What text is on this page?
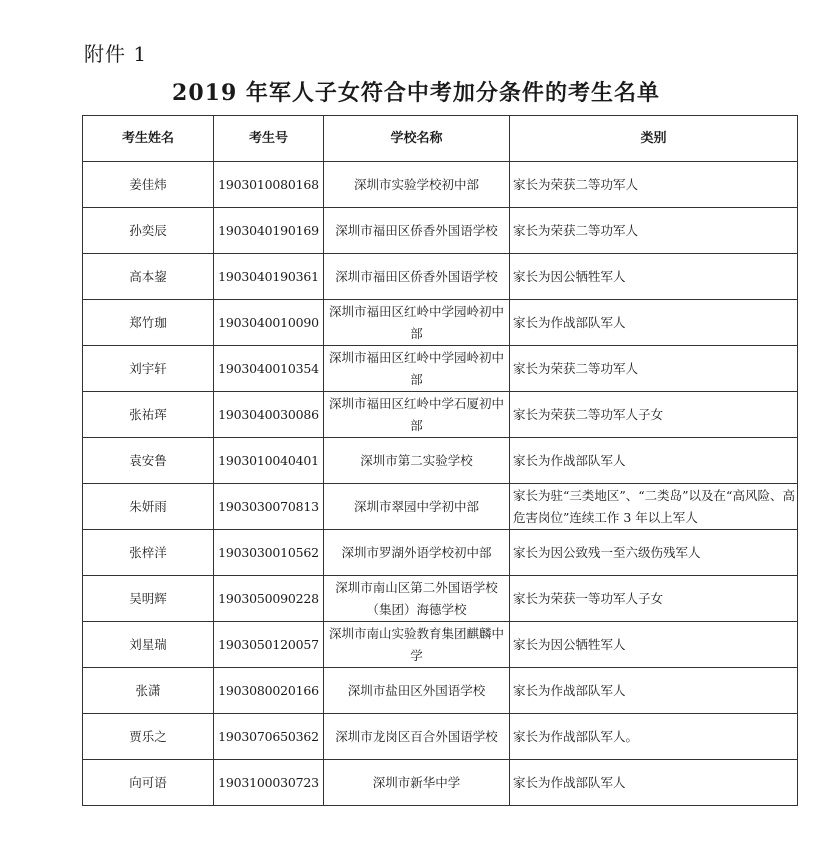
附件 1
2019 年军人子女符合中考加分条件的考生名单
考生姓名	考生号	学校名称	类别
姜佳炜	1903010080168	深圳市实验学校初中部	家长为荣获二等功军人
孙奕辰	1903040190169	深圳市福田区侨香外国语学校	家长为荣获二等功军人
高本鋆	1903040190361	深圳市福田区侨香外国语学校	家长为因公牺牲军人
郑竹珈	1903040010090	深圳市福田区红岭中学园岭初中部	家长为作战部队军人
刘宇轩	1903040010354	深圳市福田区红岭中学园岭初中部	家长为荣获二等功军人
张祐珲	1903040030086	深圳市福田区红岭中学石厦初中部	家长为荣获二等功军人子女
袁安鲁	1903010040401	深圳市第二实验学校	家长为作战部队军人
朱妍雨	1903030070813	深圳市翠园中学初中部	家长为驻“三类地区”、“二类岛”以及在“高风险、高危害岗位”连续工作 3 年以上军人
张梓洋	1903030010562	深圳市罗湖外语学校初中部	家长为因公致残一至六级伤残军人
吴明辉	1903050090228	深圳市南山区第二外国语学校（集团）海德学校	家长为荣获一等功军人子女
刘星瑞	1903050120057	深圳市南山实验教育集团麒麟中学	家长为因公牺牲军人
张潇	1903080020166	深圳市盐田区外国语学校	家长为作战部队军人
贾乐之	1903070650362	深圳市龙岗区百合外国语学校	家长为作战部队军人。
向可语	1903100030723	深圳市新华中学	家长为作战部队军人
